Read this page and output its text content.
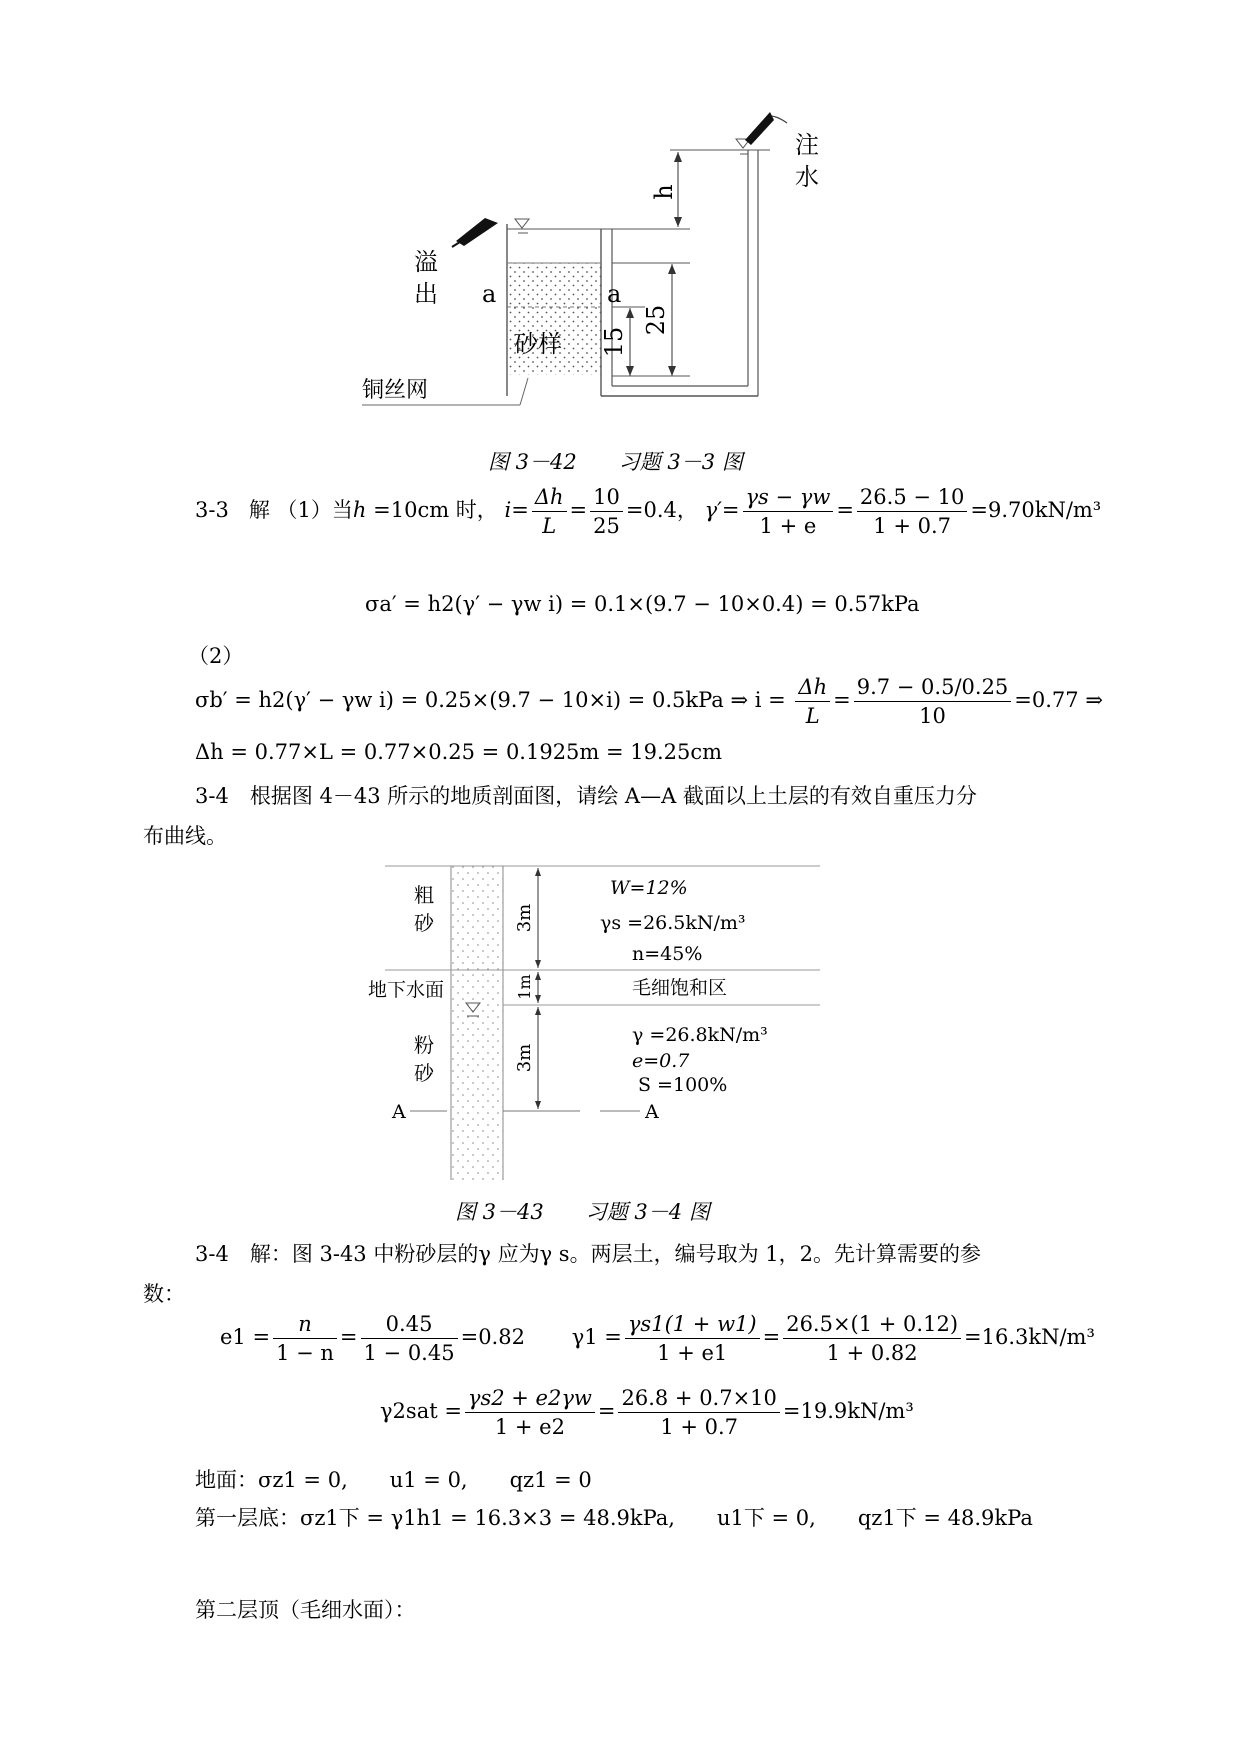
注
水
h
溢
出 a	a
25
15
砂样
铜丝网
图 3－42　　习题 3－3 图
3-3 解 （1）当h =10cm 时， $i= \frac{\Delta h}{L} = \frac{10}{25} =0.4$， $\gamma'= \frac{\gamma s - \gamma w}{1 + e} = \frac{26.5 - 10}{1 + 0.7} =9.70kN/m^3$
σa′ = h2(γ′ − γw i) = 0.1×(9.7 − 10×0.4) = 0.57kPa
（2）
σb′ = h2(γ′ − γw i) = 0.25×(9.7 − 10×i) = 0.5kPa ⇒ $i = \frac{\Delta h}{L} = \frac{9.7 - 0.5/0.25}{10} =0.77$ ⇒
Δh = 0.77×L = 0.77×0.25 = 0.1925m = 19.25cm
3-4　根据图 4－43 所示的地质剖面图，请绘 A—A 截面以上土层的有效自重压力分
布曲线。
粗
砂
粉
砂
地下水面
3m
1m
3m
W=12%
γs =26.5kN/m³
n=45%
毛细饱和区
γ =26.8kN/m³
e=0.7
S =100%
A	A
图 3－43　　习题 3－4 图
3-4　解：图 3-43 中粉砂层的γ 应为γ s。两层土，编号取为 1，2。先计算需要的参
数：
$e1 = \frac{n}{1 - n} = \frac{0.45}{1 - 0.45} =0.82$ $\gamma 1 = \frac{\gamma s1(1 + w1)}{1 + e1} = \frac{26.5\times(1 + 0.12)}{1 + 0.82} =16.3kN/m^3$
$\gamma 2sat = \frac{\gamma s2 + e2\gamma w}{1 + e2} = \frac{26.8 + 0.7\times 10}{1 + 0.7} =19.9kN/m^3$
地面：σz1 = 0,　　u1 = 0,　　qz1 = 0
第一层底：σz1下 = γ1h1 = 16.3×3 = 48.9kPa,　　u1下 = 0,　　qz1下 = 48.9kPa
第二层顶（毛细水面）：
